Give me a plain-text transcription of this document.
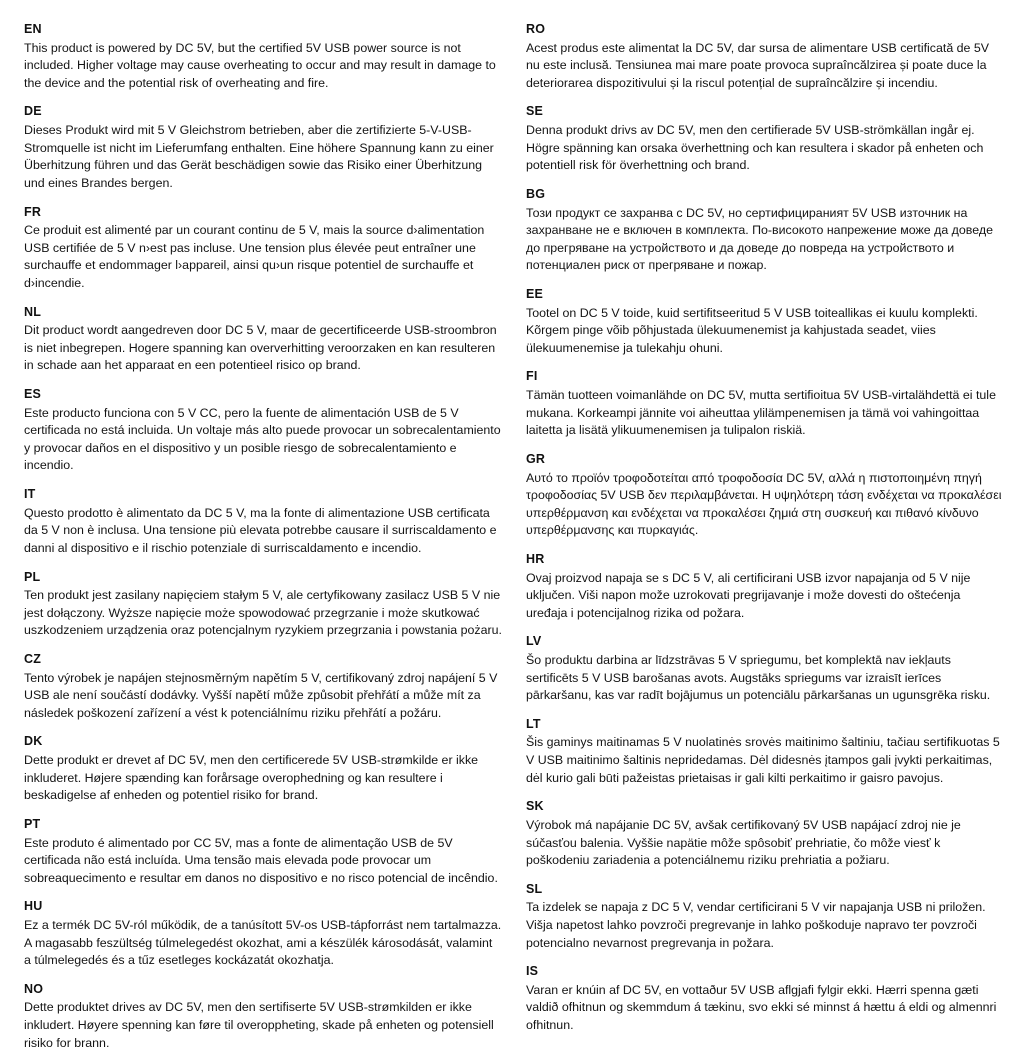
EN
This product is powered by DC 5V, but the certified 5V USB power source is not included. Higher voltage may cause overheating to occur and may result in damage to the device and the potential risk of overheating and fire.
DE
Dieses Produkt wird mit 5 V Gleichstrom betrieben, aber die zertifizierte 5-V-USB-Stromquelle ist nicht im Lieferumfang enthalten. Eine höhere Spannung kann zu einer Überhitzung führen und das Gerät beschädigen sowie das Risiko einer Überhitzung und eines Brandes bergen.
FR
Ce produit est alimenté par un courant continu de 5 V, mais la source d›alimentation USB certifiée de 5 V n›est pas incluse. Une tension plus élevée peut entraîner une surchauffe et endommager l›appareil, ainsi qu›un risque potentiel de surchauffe et d›incendie.
NL
Dit product wordt aangedreven door DC 5 V, maar de gecertificeerde USB-stroombron is niet inbegrepen. Hogere spanning kan oververhitting veroorzaken en kan resulteren in schade aan het apparaat en een potentieel risico op brand.
ES
Este producto funciona con 5 V CC, pero la fuente de alimentación USB de 5 V certificada no está incluida. Un voltaje más alto puede provocar un sobrecalentamiento y provocar daños en el dispositivo y un posible riesgo de sobrecalentamiento e incendio.
IT
Questo prodotto è alimentato da DC 5 V, ma la fonte di alimentazione USB certificata da 5 V non è inclusa. Una tensione più elevata potrebbe causare il surriscaldamento e danni al dispositivo e il rischio potenziale di surriscaldamento e incendio.
PL
Ten produkt jest zasilany napięciem stałym 5 V, ale certyfikowany zasilacz USB 5 V nie jest dołączony. Wyższe napięcie może spowodować przegrzanie i może skutkować uszkodzeniem urządzenia oraz potencjalnym ryzykiem przegrzania i powstania pożaru.
CZ
Tento výrobek je napájen stejnosměrným napětím 5 V, certifikovaný zdroj napájení 5 V USB ale není součástí dodávky. Vyšší napětí může způsobit přehřátí a může mít za následek poškození zařízení a vést k potenciálnímu riziku přehřátí a požáru.
DK
Dette produkt er drevet af DC 5V, men den certificerede 5V USB-strømkilde er ikke inkluderet. Højere spænding kan forårsage overophedning og kan resultere i beskadigelse af enheden og potentiel risiko for brand.
PT
Este produto é alimentado por CC 5V, mas a fonte de alimentação USB de 5V certificada não está incluída. Uma tensão mais elevada pode provocar um sobreaquecimento e resultar em danos no dispositivo e no risco potencial de incêndio.
HU
Ez a termék DC 5V-ról működik, de a tanúsított 5V-os USB-tápforrást nem tartalmazza. A magasabb feszültség túlmelegedést okozhat, ami a készülék károsodását, valamint a túlmelegedés és a tűz esetleges kockázatát okozhatja.
NO
Dette produktet drives av DC 5V, men den sertifiserte 5V USB-strømkilden er ikke inkludert. Høyere spenning kan føre til overoppheting, skade på enheten og potensiell risiko for brann.
RO
Acest produs este alimentat la DC 5V, dar sursa de alimentare USB certificată de 5V nu este inclusă. Tensiunea mai mare poate provoca supraîncălzirea și poate duce la deteriorarea dispozitivului și la riscul potențial de supraîncălzire și incendiu.
SE
Denna produkt drivs av DC 5V, men den certifierade 5V USB-strömkällan ingår ej. Högre spänning kan orsaka överhettning och kan resultera i skador på enheten och potentiell risk för överhettning och brand.
BG
Този продукт се захранва с DC 5V, но сертифицираният 5V USB източник на захранване не е включен в комплекта. По-високото напрежение може да доведе до прегряване на устройството и да доведе до повреда на устройството и потенциален риск от прегряване и пожар.
EE
Tootel on DC 5 V toide, kuid sertifitseeritud 5 V USB toiteallikas ei kuulu komplekti. Kõrgem pinge võib põhjustada ülekuumenemist ja kahjustada seadet, viies ülekuumenemise ja tulekahju ohuni.
FI
Tämän tuotteen voimanlähde on DC 5V, mutta sertifioitua 5V USB-virtalähdettä ei tule mukana. Korkeampi jännite voi aiheuttaa ylilämpenemisen ja tämä voi vahingoittaa laitetta ja lisätä ylikuumenemisen ja tulipalon riskiä.
GR
Αυτό το προϊόν τροφοδοτείται από τροφοδοσία DC 5V, αλλά η πιστοποιημένη πηγή τροφοδοσίας 5V USB δεν περιλαμβάνεται. Η υψηλότερη τάση ενδέχεται να προκαλέσει υπερθέρμανση και ενδέχεται να προκαλέσει ζημιά στη συσκευή και πιθανό κίνδυνο υπερθέρμανσης και πυρκαγιάς.
HR
Ovaj proizvod napaja se s DC 5 V, ali certificirani USB izvor napajanja od 5 V nije uključen. Viši napon može uzrokovati pregrijavanje i može dovesti do oštećenja uređaja i potencijalnog rizika od požara.
LV
Šo produktu darbina ar līdzstrāvas 5 V spriegumu, bet komplektā nav iekļauts sertificēts 5 V USB barošanas avots. Augstāks spriegums var izraisīt ierīces pārkaršanu, kas var radīt bojājumus un potenciālu pārkaršanas un ugunsgrēka risku.
LT
Šis gaminys maitinamas 5 V nuolatinės srovės maitinimo šaltiniu, tačiau sertifikuotas 5 V USB maitinimo šaltinis nepridedamas. Dėl didesnės įtampos gali įvykti perkaitimas, dėl kurio gali būti pažeistas prietaisas ir gali kilti perkaitimo ir gaisro pavojus.
SK
Výrobok má napájanie DC 5V, avšak certifikovaný 5V USB napájací zdroj nie je súčasťou balenia. Vyššie napätie môže spôsobiť prehriatie, čo môže viesť k poškodeniu zariadenia a potenciálnemu riziku prehriatia a požiaru.
SL
Ta izdelek se napaja z DC 5 V, vendar certificirani 5 V vir napajanja USB ni priložen. Višja napetost lahko povzroči pregrevanje in lahko poškoduje napravo ter povzroči potencialno nevarnost pregrevanja in požara.
IS
Varan er knúin af DC 5V, en vottaður 5V USB aflgjafi fylgir ekki. Hærri spenna gæti valdið ofhitnun og skemmdum á tækinu, svo ekki sé minnst á hættu á eldi og almennri ofhitnun.
